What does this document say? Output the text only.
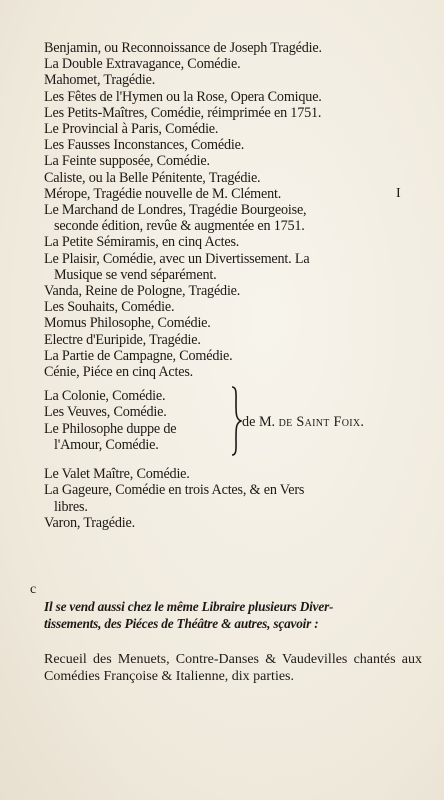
Benjamin, ou Reconnoissance de Joseph Tragédie.
La Double Extravagance, Comédie.
Mahomet, Tragédie.
Les Fêtes de l'Hymen ou la Rose, Opera Comique.
Les Petits-Maîtres, Comédie, réimprimée en 1751.
Le Provincial à Paris, Comédie.
Les Fausses Inconstances, Comédie.
La Feinte supposée, Comédie.
Caliste, ou la Belle Pénitente, Tragédie.
Mérope, Tragédie nouvelle de M. Clément.
Le Marchand de Londres, Tragédie Bourgeoise,
seconde édition, revûe & augmentée en 1751.
La Petite Sémiramis, en cinq Actes.
Le Plaisir, Comédie, avec un Divertissement. La
Musique se vend séparément.
Vanda, Reine de Pologne, Tragédie.
Les Souhaits, Comédie.
Momus Philosophe, Comédie.
Electre d'Euripide, Tragédie.
La Partie de Campagne, Comédie.
Cénie, Piéce en cinq Actes.
La Colonie, Comédie.
Les Veuves, Comédie.
Le Philosophe duppe de
l'Amour, Comédie.
de M. de Saint Foix.
Le Valet Maître, Comédie.
La Gageure, Comédie en trois Actes, & en Vers
libres.
Varon, Tragédie.
I
c
Il se vend aussi chez le même Libraire plusieurs Diver-
tissements, des Piéces de Théâtre & autres, sçavoir :
Recueil des Menuets, Contre-Danses & Vaudevilles chantés aux Comédies Françoise & Italienne, dix parties.
